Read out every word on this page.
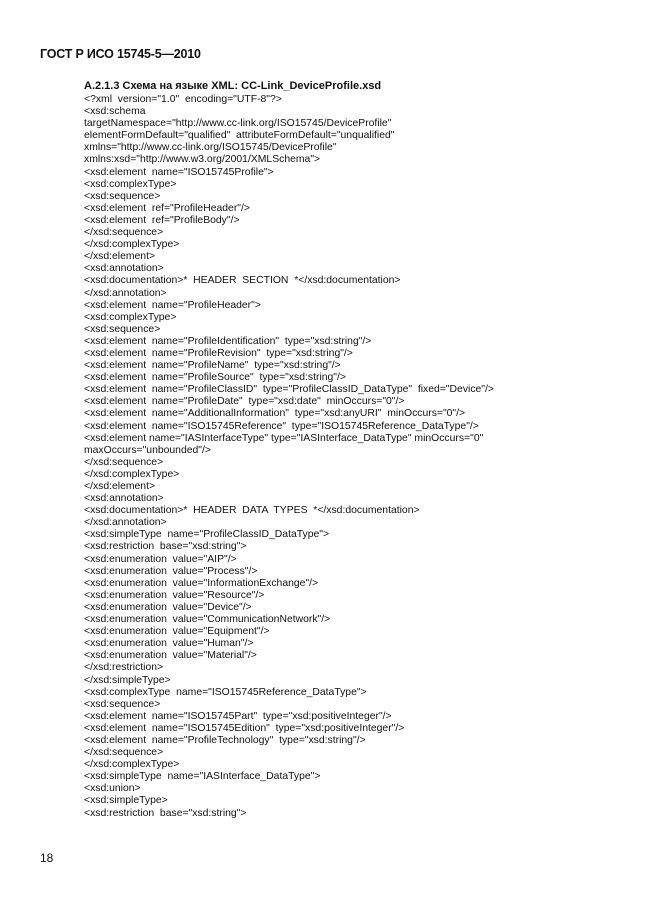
ГОСТ Р ИСО 15745-5—2010
A.2.1.3 Схема на языке XML: CC-Link_DeviceProfile.xsd
<?xml  version="1.0"  encoding="UTF-8"?>
<xsd:schema
targetNamespace="http://www.cc-link.org/ISO15745/DeviceProfile"
elementFormDefault="qualified"  attributeFormDefault="unqualified"
xmlns="http://www.cc-link.org/ISO15745/DeviceProfile"
xmlns:xsd="http://www.w3.org/2001/XMLSchema">
<xsd:element  name="ISO15745Profile">
<xsd:complexType>
<xsd:sequence>
<xsd:element  ref="ProfileHeader"/>
<xsd:element  ref="ProfileBody"/>
</xsd:sequence>
</xsd:complexType>
</xsd:element>
<xsd:annotation>
<xsd:documentation>*  HEADER  SECTION  *</xsd:documentation>
</xsd:annotation>
<xsd:element  name="ProfileHeader">
<xsd:complexType>
<xsd:sequence>
<xsd:element  name="ProfileIdentification"  type="xsd:string"/>
<xsd:element  name="ProfileRevision"  type="xsd:string"/>
<xsd:element  name="ProfileName"  type="xsd:string"/>
<xsd:element  name="ProfileSource"  type="xsd:string"/>
<xsd:element  name="ProfileClassID"  type="ProfileClassID_DataType"  fixed="Device"/>
<xsd:element  name="ProfileDate"  type="xsd:date"  minOccurs="0"/>
<xsd:element  name="AdditionalInformation"  type="xsd:anyURI"  minOccurs="0"/>
<xsd:element  name="ISO15745Reference"  type="ISO15745Reference_DataType"/>
<xsd:element name="IASInterfaceType" type="IASInterface_DataType" minOccurs="0"
maxOccurs="unbounded"/>
</xsd:sequence>
</xsd:complexType>
</xsd:element>
<xsd:annotation>
<xsd:documentation>*  HEADER  DATA  TYPES  *</xsd:documentation>
</xsd:annotation>
<xsd:simpleType  name="ProfileClassID_DataType">
<xsd:restriction  base="xsd:string">
<xsd:enumeration  value="AIP"/>
<xsd:enumeration  value="Process"/>
<xsd:enumeration  value="InformationExchange"/>
<xsd:enumeration  value="Resource"/>
<xsd:enumeration  value="Device"/>
<xsd:enumeration  value="CommunicationNetwork"/>
<xsd:enumeration  value="Equipment"/>
<xsd:enumeration  value="Human"/>
<xsd:enumeration  value="Material"/>
</xsd:restriction>
</xsd:simpleType>
<xsd:complexType  name="ISO15745Reference_DataType">
<xsd:sequence>
<xsd:element  name="ISO15745Part"  type="xsd:positiveInteger"/>
<xsd:element  name="ISO15745Edition"  type="xsd:positiveInteger"/>
<xsd:element  name="ProfileTechnology"  type="xsd:string"/>
</xsd:sequence>
</xsd:complexType>
<xsd:simpleType  name="IASInterface_DataType">
<xsd:union>
<xsd:simpleType>
<xsd:restriction  base="xsd:string">
18
